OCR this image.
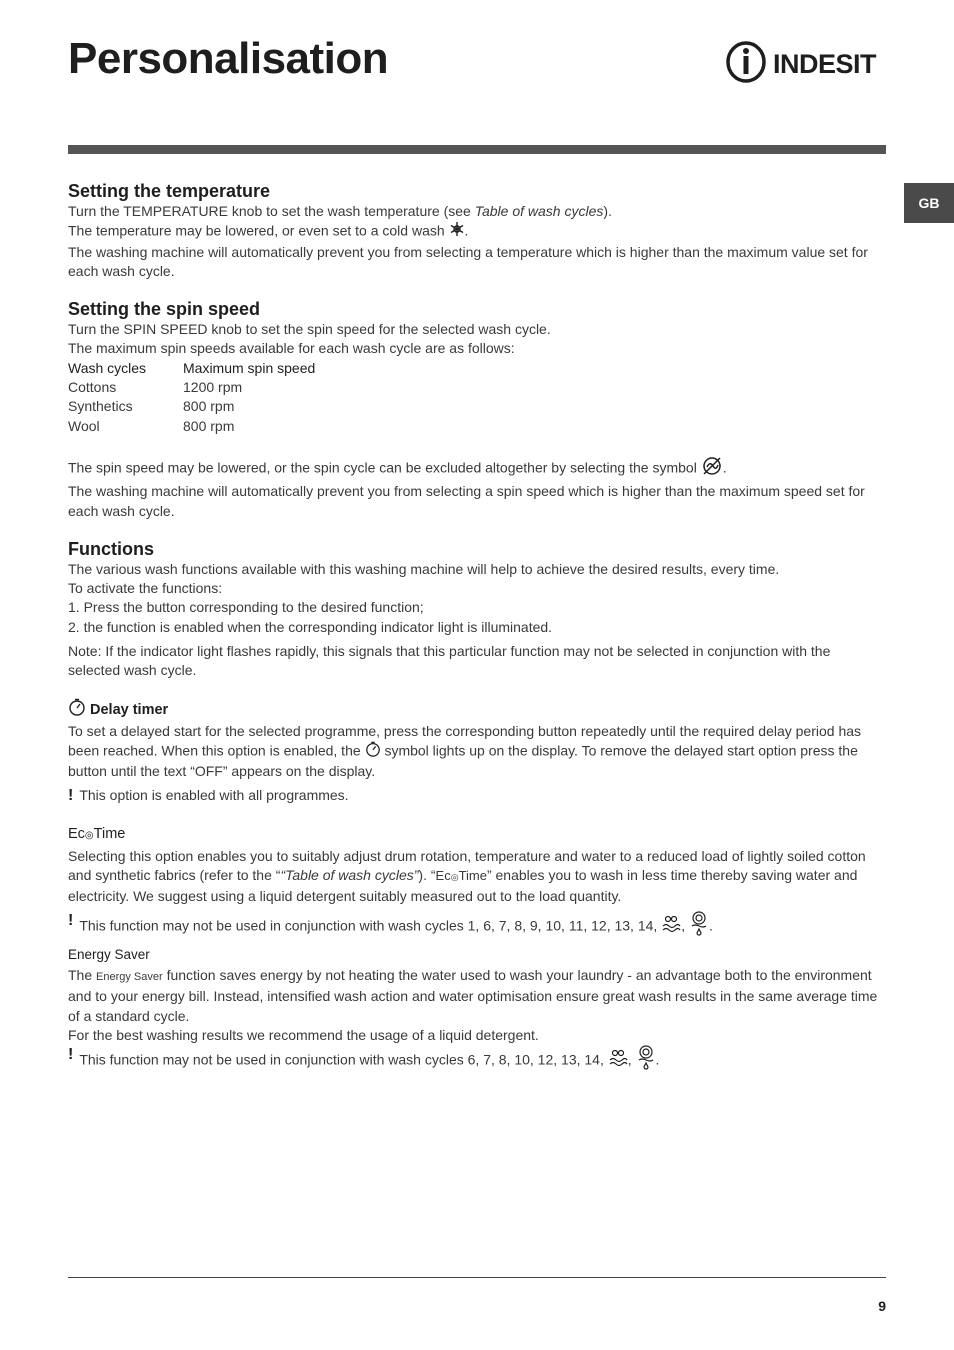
Personalisation	INDESIT
GB
Setting the temperature

Turn the TEMPERATURE knob to set the wash temperature (see Table of wash cycles).

The temperature may be lowered, or even set to a cold wash .

The washing machine will automatically prevent you from selecting a temperature which is higher than the maximum value set for each wash cycle.

Setting the spin speed

Turn the SPIN SPEED knob to set the spin speed for the selected wash cycle.

The maximum spin speeds available for each wash cycle are as follows:

Wash cycles	Maximum spin speed
Cottons	1200 rpm
Synthetics	800 rpm
Wool	800 rpm

The spin speed may be lowered, or the spin cycle can be excluded altogether by selecting the symbol .

The washing machine will automatically prevent you from selecting a spin speed which is higher than the maximum speed set for each wash cycle.

Functions

The various wash functions available with this washing machine will help to achieve the desired results, every time.

To activate the functions:

1. Press the button corresponding to the desired function;

2. the function is enabled when the corresponding indicator light is illuminated.

Note: If the indicator light flashes rapidly, this signals that this particular function may not be selected in conjunction with the selected wash cycle.

Delay timer

To set a delayed start for the selected programme, press the corresponding button repeatedly until the required delay period has been reached. When this option is enabled, the symbol lights up on the display. To remove the delayed start option press the button until the text “OFF” appears on the display.

! This option is enabled with all programmes.

Ec◎Time

Selecting this option enables you to suitably adjust drum rotation, temperature and water to a reduced load of lightly soiled cotton and synthetic fabrics (refer to the ““Table of wash cycles”). “Ec◎Time” enables you to wash in less time thereby saving water and electricity. We suggest using a liquid detergent suitably measured out to the load quantity.

! This function may not be used in conjunction with wash cycles 1, 6, 7, 8, 9, 10, 11, 12, 13, 14, , .

Energy Saver

The Energy Saver function saves energy by not heating the water used to wash your laundry - an advantage both to the environment and to your energy bill. Instead, intensified wash action and water optimisation ensure great wash results in the same average time of a standard cycle.

For the best washing results we recommend the usage of a liquid detergent.

! This function may not be used in conjunction with wash cycles 6, 7, 8, 10, 12, 13, 14, , .

9
